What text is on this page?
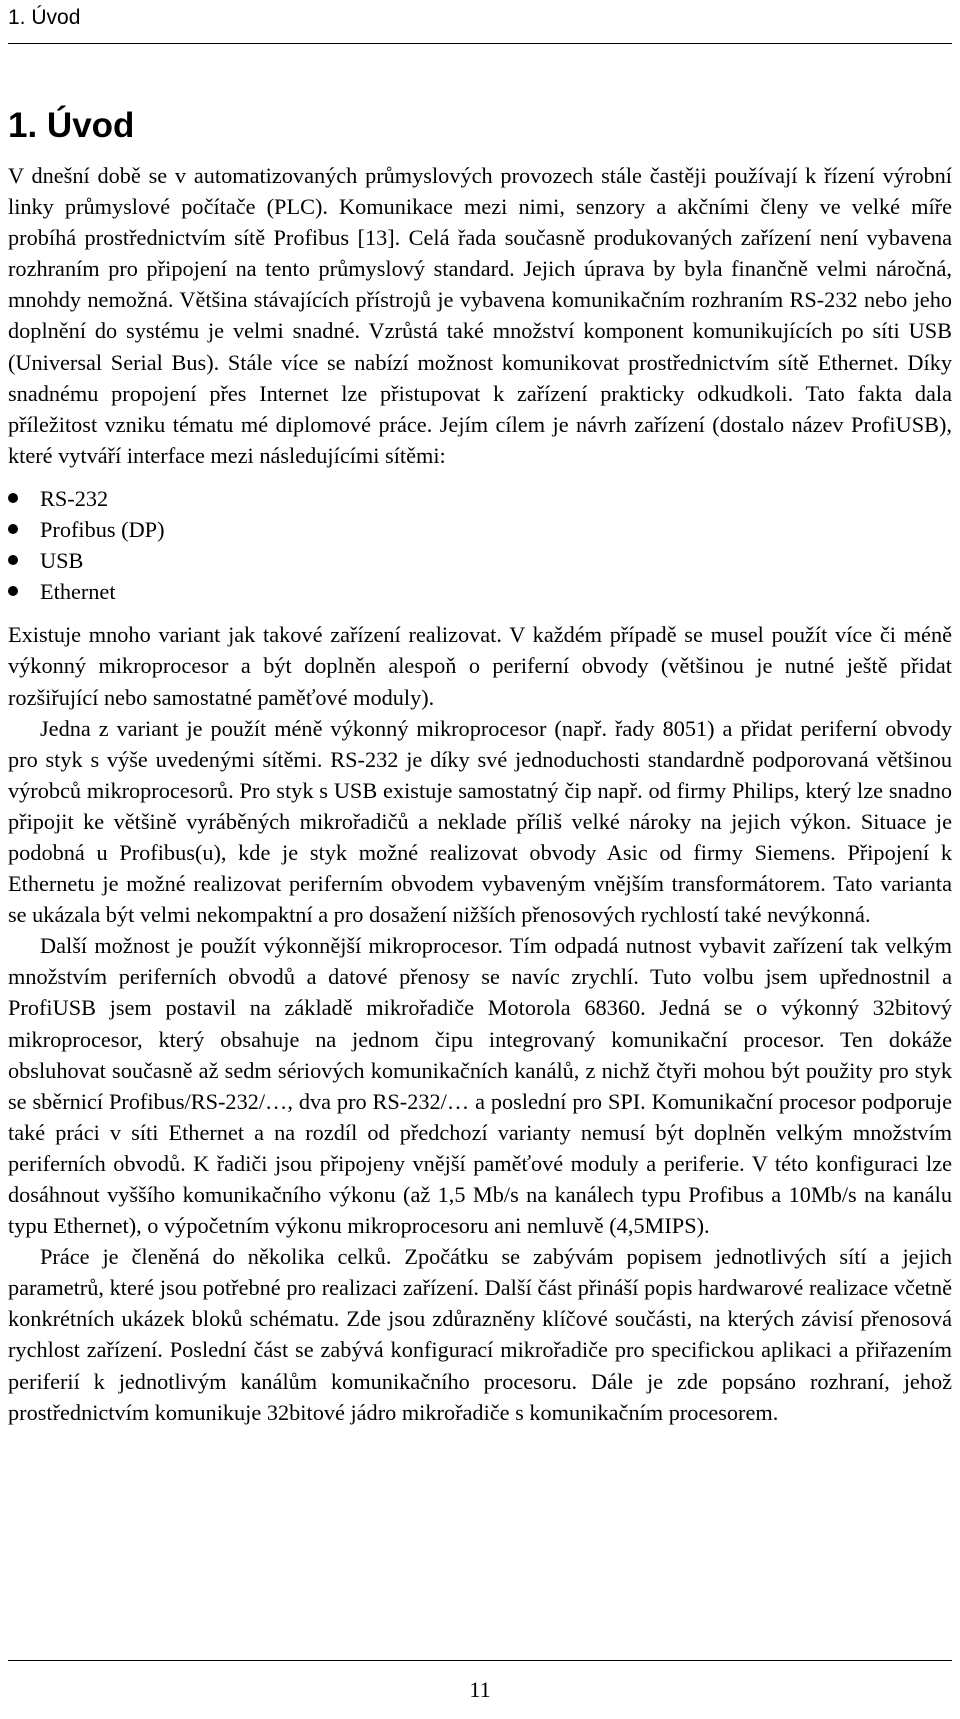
1. Úvod
1. Úvod

V dnešní době se v automatizovaných průmyslových provozech stále častěji používají k řízení výrobní linky průmyslové počítače (PLC). Komunikace mezi nimi, senzory a akčními členy ve velké míře probíhá prostřednictvím sítě Profibus [13]. Celá řada současně produkovaných zařízení není vybavena rozhraním pro připojení na tento průmyslový standard. Jejich úprava by byla finančně velmi náročná, mnohdy nemožná. Většina stávajících přístrojů je vybavena komunikačním rozhraním RS-232 nebo jeho doplnění do systému je velmi snadné. Vzrůstá také množství komponent komunikujících po síti USB (Universal Serial Bus). Stále více se nabízí možnost komunikovat prostřednictvím sítě Ethernet. Díky snadnému propojení přes Internet lze přistupovat k zařízení prakticky odkudkoli. Tato fakta dala příležitost vzniku tématu mé diplomové práce. Jejím cílem je návrh zařízení (dostalo název ProfiUSB), které vytváří interface mezi následujícími sítěmi:

RS-232
Profibus (DP)
USB
Ethernet

Existuje mnoho variant jak takové zařízení realizovat. V každém případě se musel použít více či méně výkonný mikroprocesor a být doplněn alespoň o periferní obvody (většinou je nutné ještě přidat rozšiřující nebo samostatné paměťové moduly).

Jedna z variant je použít méně výkonný mikroprocesor (např. řady 8051) a přidat periferní obvody pro styk s výše uvedenými sítěmi. RS-232 je díky své jednoduchosti standardně podporovaná většinou výrobců mikroprocesorů. Pro styk s USB existuje samostatný čip např. od firmy Philips, který lze snadno připojit ke většině vyráběných mikrořadičů a neklade příliš velké nároky na jejich výkon. Situace je podobná u Profibus(u), kde je styk možné realizovat obvody Asic od firmy Siemens. Připojení k Ethernetu je možné realizovat periferním obvodem vybaveným vnějším transformátorem. Tato varianta se ukázala být velmi nekompaktní a pro dosažení nižších přenosových rychlostí také nevýkonná.

Další možnost je použít výkonnější mikroprocesor. Tím odpadá nutnost vybavit zařízení tak velkým množstvím periferních obvodů a datové přenosy se navíc zrychlí. Tuto volbu jsem upřednostnil a ProfiUSB jsem postavil na základě mikrořadiče Motorola 68360. Jedná se o výkonný 32bitový mikroprocesor, který obsahuje na jednom čipu integrovaný komunikační procesor. Ten dokáže obsluhovat současně až sedm sériových komunikačních kanálů, z nichž čtyři mohou být použity pro styk se sběrnicí Profibus/RS-232/…, dva pro RS-232/… a poslední pro SPI. Komunikační procesor podporuje také práci v síti Ethernet a na rozdíl od předchozí varianty nemusí být doplněn velkým množstvím periferních obvodů. K řadiči jsou připojeny vnější paměťové moduly a periferie. V této konfiguraci lze dosáhnout vyššího komunikačního výkonu (až 1,5 Mb/s na kanálech typu Profibus a 10Mb/s na kanálu typu Ethernet), o výpočetním výkonu mikroprocesoru ani nemluvě (4,5MIPS).

Práce je členěná do několika celků. Zpočátku se zabývám popisem jednotlivých sítí a jejich parametrů, které jsou potřebné pro realizaci zařízení. Další část přináší popis hardwarové realizace včetně konkrétních ukázek bloků schématu. Zde jsou zdůrazněny klíčové součásti, na kterých závisí přenosová rychlost zařízení. Poslední část se zabývá konfigurací mikrořadiče pro specifickou aplikaci a přiřazením periferií k jednotlivým kanálům komunikačního procesoru. Dále je zde popsáno rozhraní, jehož prostřednictvím komunikuje 32bitové jádro mikrořadiče s komunikačním procesorem.

11
